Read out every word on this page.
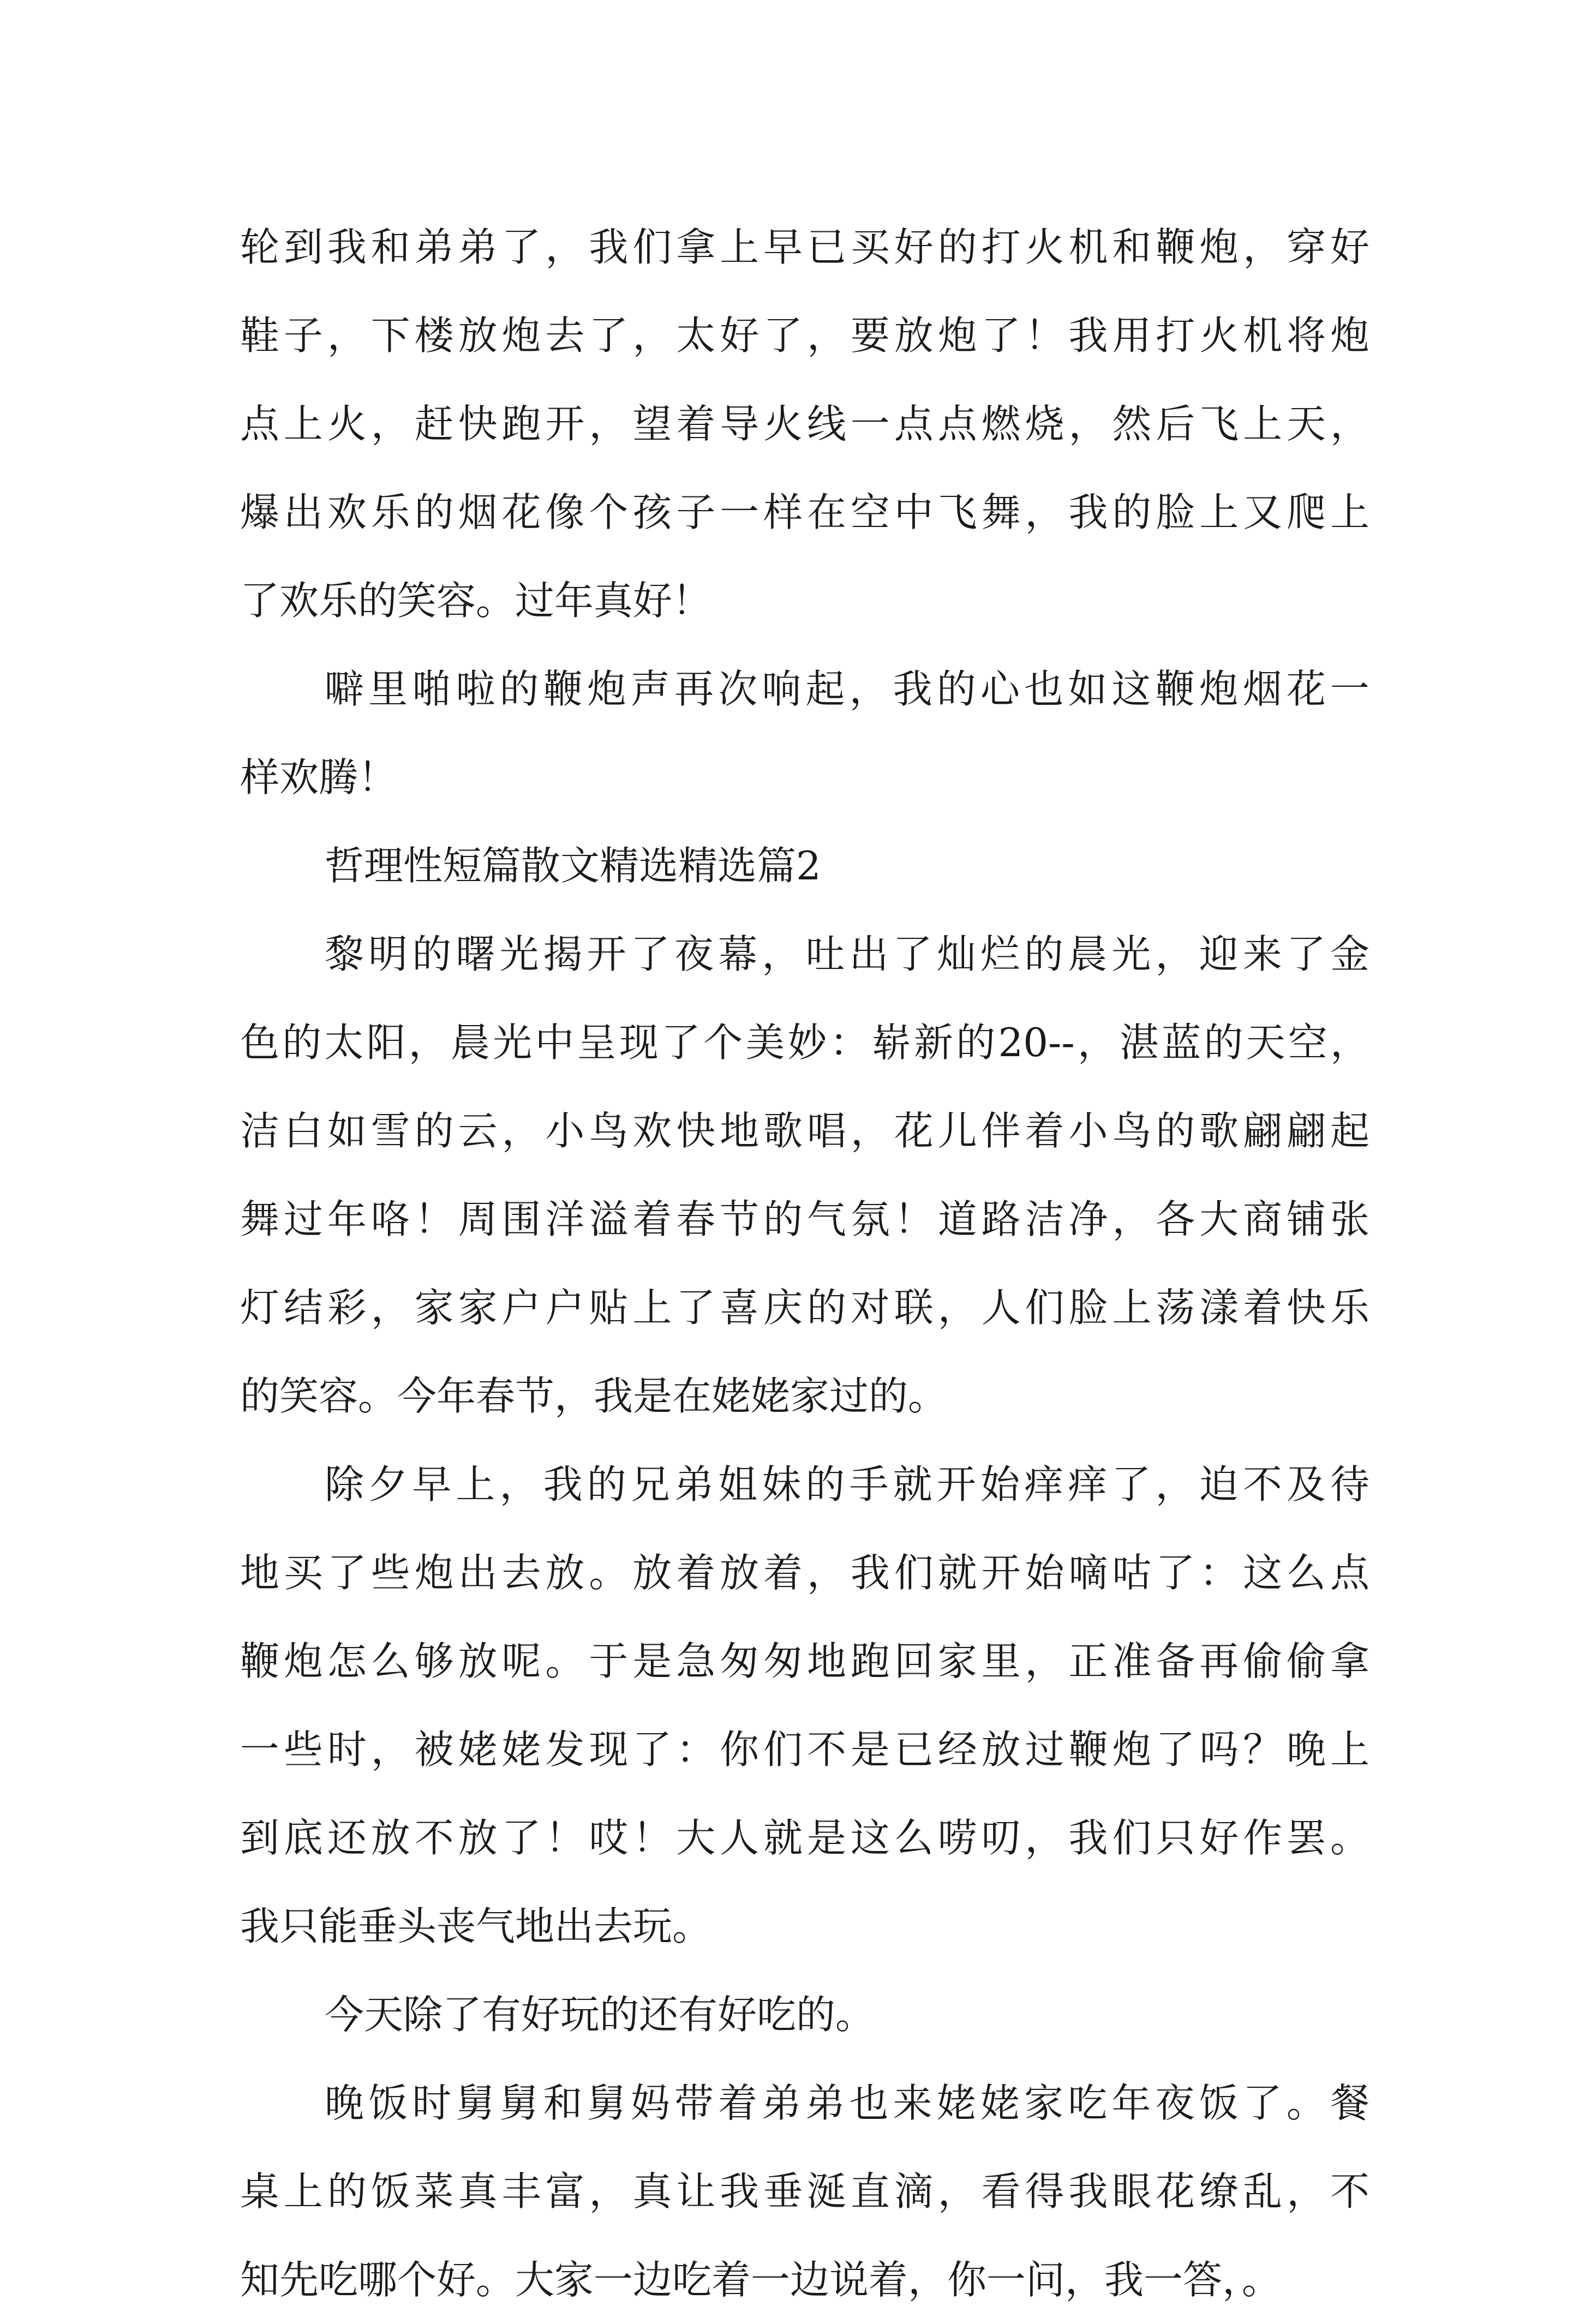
轮到我和弟弟了，我们拿上早已买好的打火机和鞭炮，穿好
鞋子，下楼放炮去了，太好了，要放炮了！我用打火机将炮
点上火，赶快跑开，望着导火线一点点燃烧，然后飞上天，
爆出欢乐的烟花像个孩子一样在空中飞舞，我的脸上又爬上
了欢乐的笑容。过年真好！
噼里啪啦的鞭炮声再次响起，我的心也如这鞭炮烟花一
样欢腾！
哲理性短篇散文精选精选篇2
黎明的曙光揭开了夜幕，吐出了灿烂的晨光，迎来了金
色的太阳，晨光中呈现了个美妙：崭新的20--，湛蓝的天空，
洁白如雪的云，小鸟欢快地歌唱，花儿伴着小鸟的歌翩翩起
舞过年咯！周围洋溢着春节的气氛！道路洁净，各大商铺张
灯结彩，家家户户贴上了喜庆的对联，人们脸上荡漾着快乐
的笑容。今年春节，我是在姥姥家过的。
除夕早上，我的兄弟姐妹的手就开始痒痒了，迫不及待
地买了些炮出去放。放着放着，我们就开始嘀咕了：这么点
鞭炮怎么够放呢。于是急匆匆地跑回家里，正准备再偷偷拿
一些时，被姥姥发现了：你们不是已经放过鞭炮了吗？晚上
到底还放不放了！哎！大人就是这么唠叨，我们只好作罢。
我只能垂头丧气地出去玩。
今天除了有好玩的还有好吃的。
晚饭时舅舅和舅妈带着弟弟也来姥姥家吃年夜饭了。餐
桌上的饭菜真丰富，真让我垂涎直滴，看得我眼花缭乱，不
知先吃哪个好。大家一边吃着一边说着，你一问，我一答，。
